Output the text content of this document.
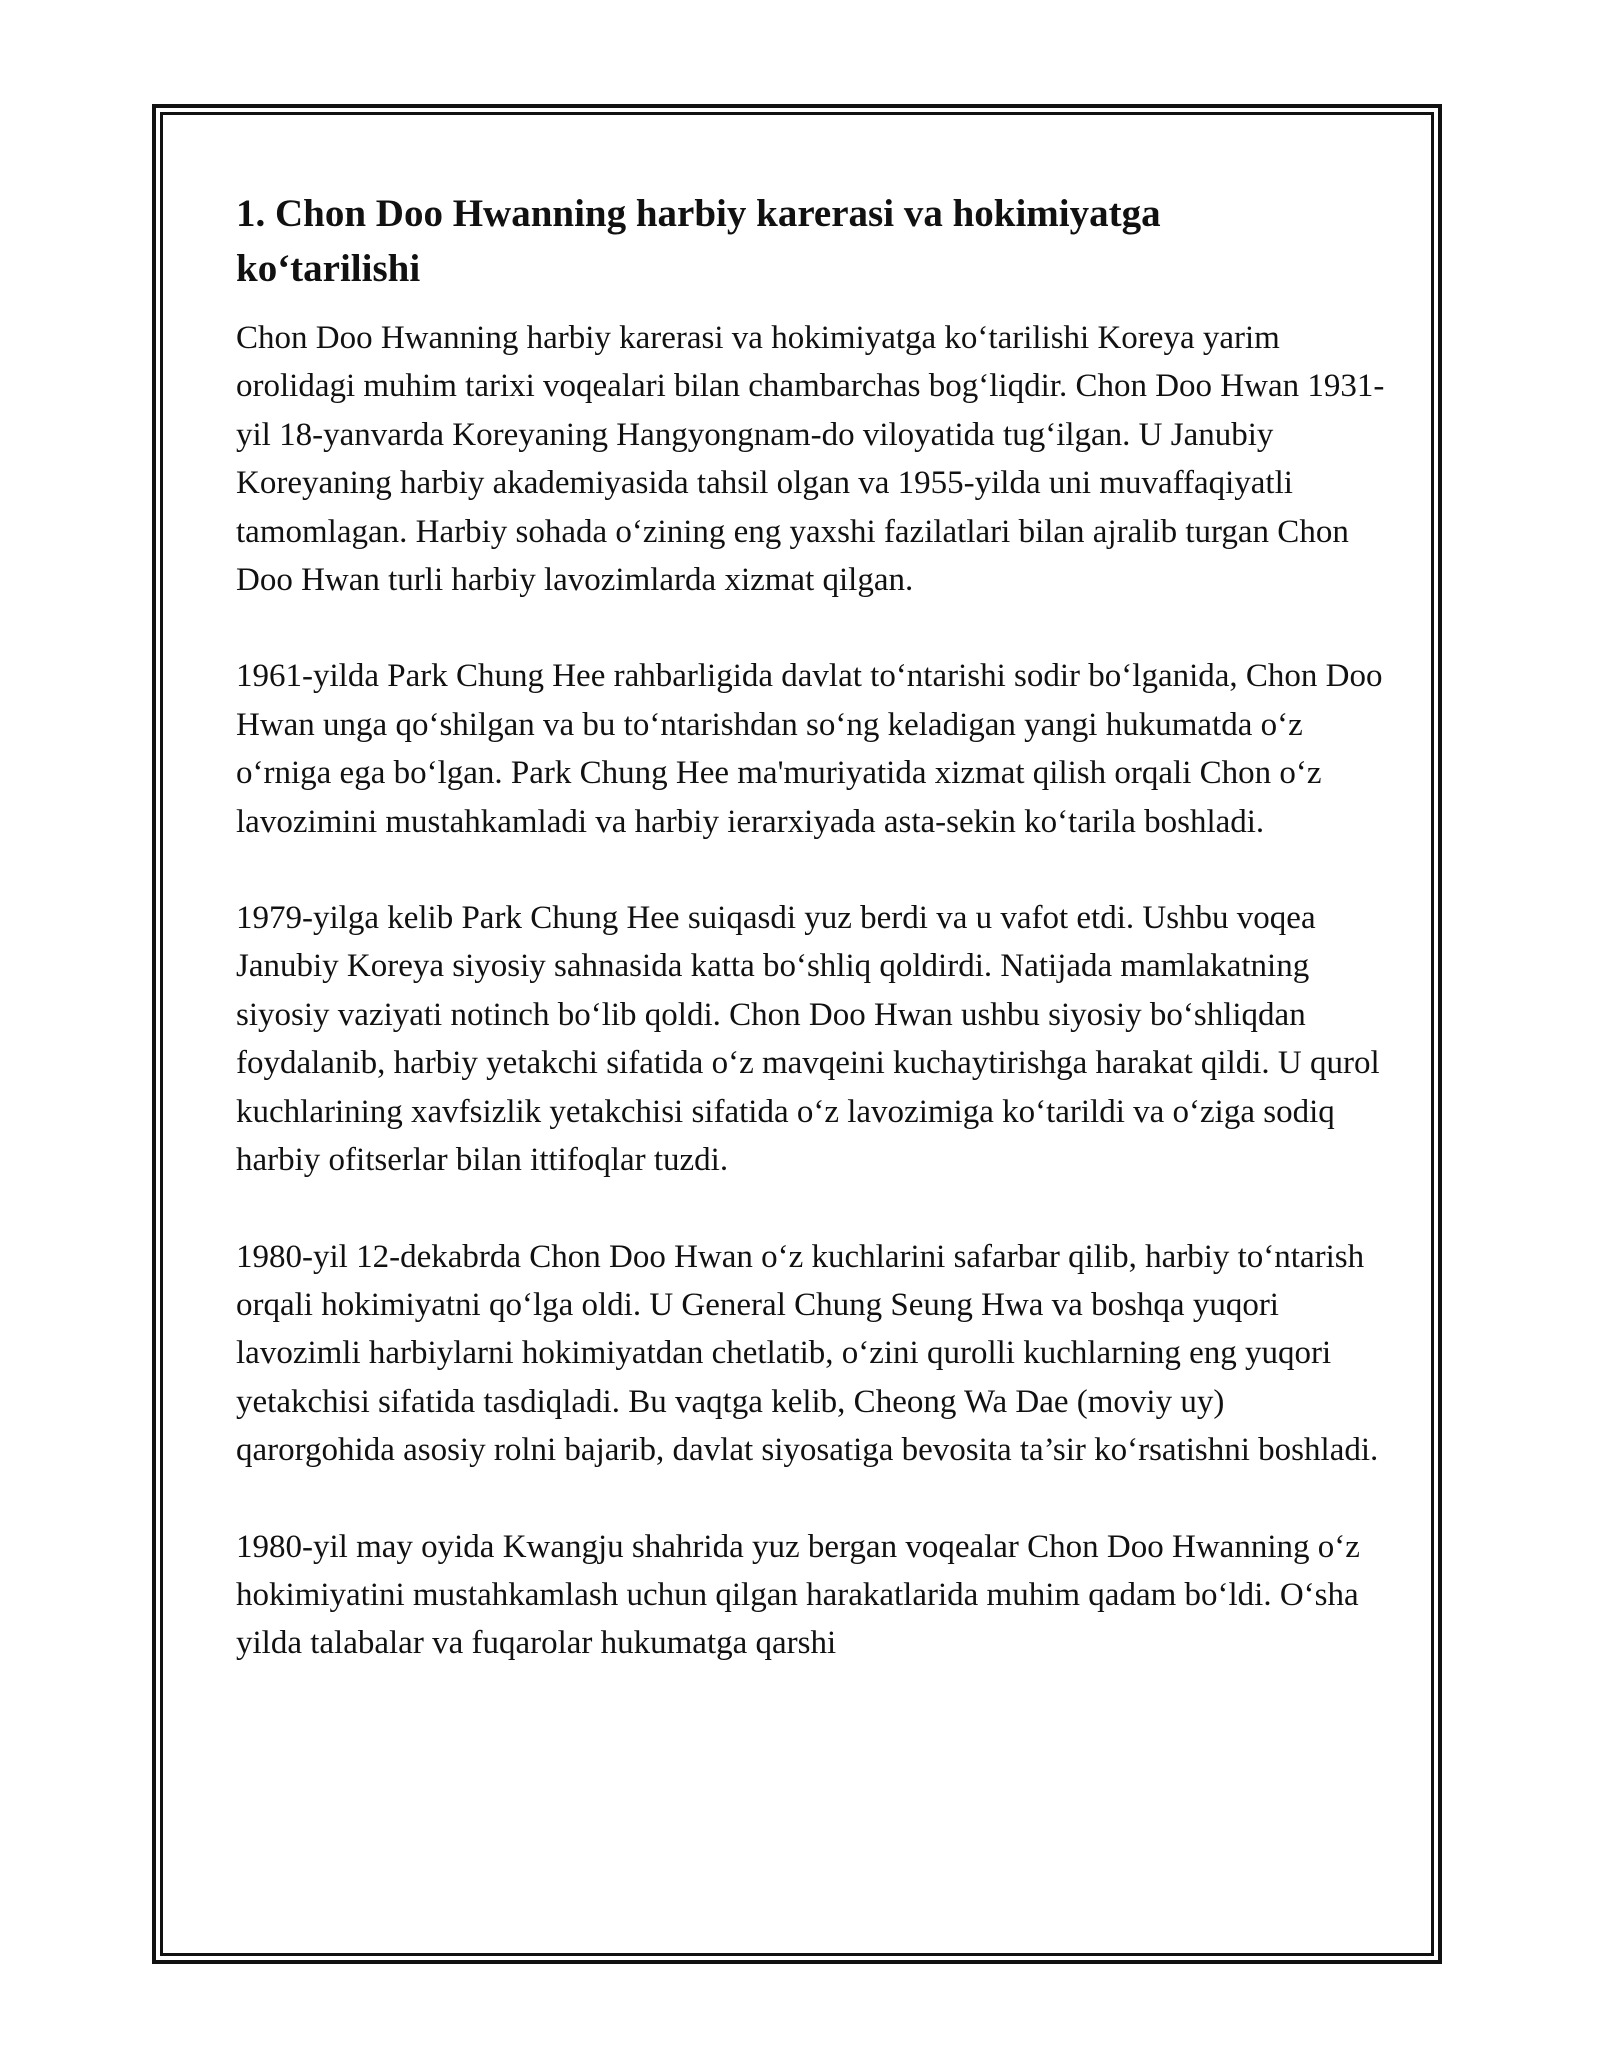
1. Chon Doo Hwanning harbiy karerasi va hokimiyatga ko‘tarilishi

Chon Doo Hwanning harbiy karerasi va hokimiyatga ko‘tarilishi Koreya yarim orolidagi muhim tarixi voqealari bilan chambarchas bog‘liqdir. Chon Doo Hwan 1931-yil 18-yanvarda Koreyaning Hangyongnam-do viloyatida tug‘ilgan. U Janubiy Koreyaning harbiy akademiyasida tahsil olgan va 1955-yilda uni muvaffaqiyatli tamomlagan. Harbiy sohada o‘zining eng yaxshi fazilatlari bilan ajralib turgan Chon Doo Hwan turli harbiy lavozimlarda xizmat qilgan.

1961-yilda Park Chung Hee rahbarligida davlat to‘ntarishi sodir bo‘lganida, Chon Doo Hwan unga qo‘shilgan va bu to‘ntarishdan so‘ng keladigan yangi hukumatda o‘z o‘rniga ega bo‘lgan. Park Chung Hee ma'muriyatida xizmat qilish orqali Chon o‘z lavozimini mustahkamladi va harbiy ierarxiyada asta-sekin ko‘tarila boshladi.

1979-yilga kelib Park Chung Hee suiqasdi yuz berdi va u vafot etdi. Ushbu voqea Janubiy Koreya siyosiy sahnasida katta bo‘shliq qoldirdi. Natijada mamlakatning siyosiy vaziyati notinch bo‘lib qoldi. Chon Doo Hwan ushbu siyosiy bo‘shliqdan foydalanib, harbiy yetakchi sifatida o‘z mavqeini kuchaytirishga harakat qildi. U qurol kuchlarining xavfsizlik yetakchisi sifatida o‘z lavozimiga ko‘tarildi va o‘ziga sodiq harbiy ofitserlar bilan ittifoqlar tuzdi.

1980-yil 12-dekabrda Chon Doo Hwan o‘z kuchlarini safarbar qilib, harbiy to‘ntarish orqali hokimiyatni qo‘lga oldi. U General Chung Seung Hwa va boshqa yuqori lavozimli harbiylarni hokimiyatdan chetlatib, o‘zini qurolli kuchlarning eng yuqori yetakchisi sifatida tasdiqladi. Bu vaqtga kelib, Cheong Wa Dae (moviy uy) qarorgohida asosiy rolni bajarib, davlat siyosatiga bevosita ta’sir ko‘rsatishni boshladi.

1980-yil may oyida Kwangju shahrida yuz bergan voqealar Chon Doo Hwanning o‘z hokimiyatini mustahkamlash uchun qilgan harakatlarida muhim qadam bo‘ldi. O‘sha yilda talabalar va fuqarolar hukumatga qarshi
